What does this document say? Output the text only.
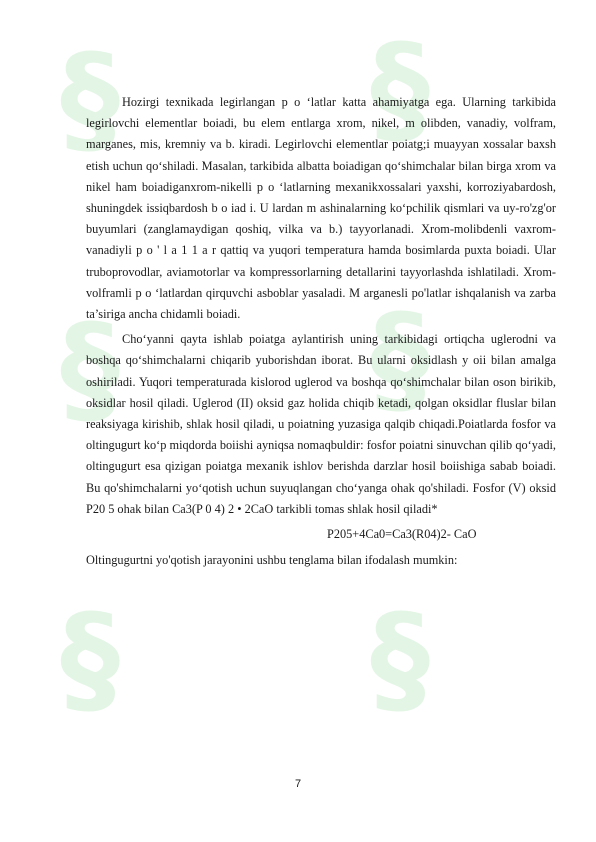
§ §
§ §
§ §

Hozirgi texnikada legirlangan p o ‘latlar katta ahamiyatga ega. Ularning tarkibida legirlovchi elementlar boiadi, bu elem entlarga xrom, nikel, m olibden, vanadiy, volfram, marganes, mis, kremniy va b. kiradi. Legirlovchi elementlar poiatg;i muayyan xossalar baxsh etish uchun qo‘shiladi. Masalan, tarkibida albatta boiadigan qo‘shimchalar bilan birga xrom va nikel ham boiadiganxrom-nikelli p o ‘latlarning mexanikxossalari yaxshi, korroziyabardosh, shuningdek issiqbardosh b o iad i. U lardan m ashinalarning ko‘pchilik qismlari va uy-ro'zg'or buyumlari (zanglamaydigan qoshiq, vilka va b.) tayyorlanadi. Xrom-molibdenli vaxrom-vanadiyli p o ' l a 1 1 a r qattiq va yuqori temperatura hamda bosimlarda puxta boiadi. Ular truboprovodlar, aviamotorlar va kompressorlarning detallarini tayyorlashda ishlatiladi. Xrom-volframli p o ‘latlardan qirquvchi asboblar yasaladi. M arganesli po'latlar ishqalanish va zarba ta’siriga ancha chidamli boiadi.

Cho‘yanni qayta ishlab poiatga aylantirish uning tarkibidagi ortiqcha uglerodni va boshqa qo‘shimchalarni chiqarib yuborishdan iborat. Bu ularni oksidlash y oii bilan amalga oshiriladi. Yuqori temperaturada kislorod uglerod va boshqa qo‘shimchalar bilan oson birikib, oksidlar hosil qiladi. Uglerod (II) oksid gaz holida chiqib ketadi, qolgan oksidlar fluslar bilan reaksiyaga kirishib, shlak hosil qiladi, u poiatning yuzasiga qalqib chiqadi.Poiatlarda fosfor va oltingugurt ko‘p miqdorda boiishi ayniqsa nomaqbuldir: fosfor poiatni sinuvchan qilib qo‘yadi, oltingugurt esa qizigan poiatga mexanik ishlov berishda darzlar hosil boiishiga sabab boiadi. Bu qo'shimchalarni yo‘qotish uchun suyuqlangan cho‘yanga ohak qo'shiladi. Fosfor (V) oksid P20 5 ohak bilan Ca3(P 0 4) 2 • 2CaO tarkibli tomas shlak hosil qiladi*

P205+4Ca0=Ca3(R04)2- CaO
Oltingugurtni yo'qotish jarayonini ushbu tenglama bilan ifodalash mumkin:
7
